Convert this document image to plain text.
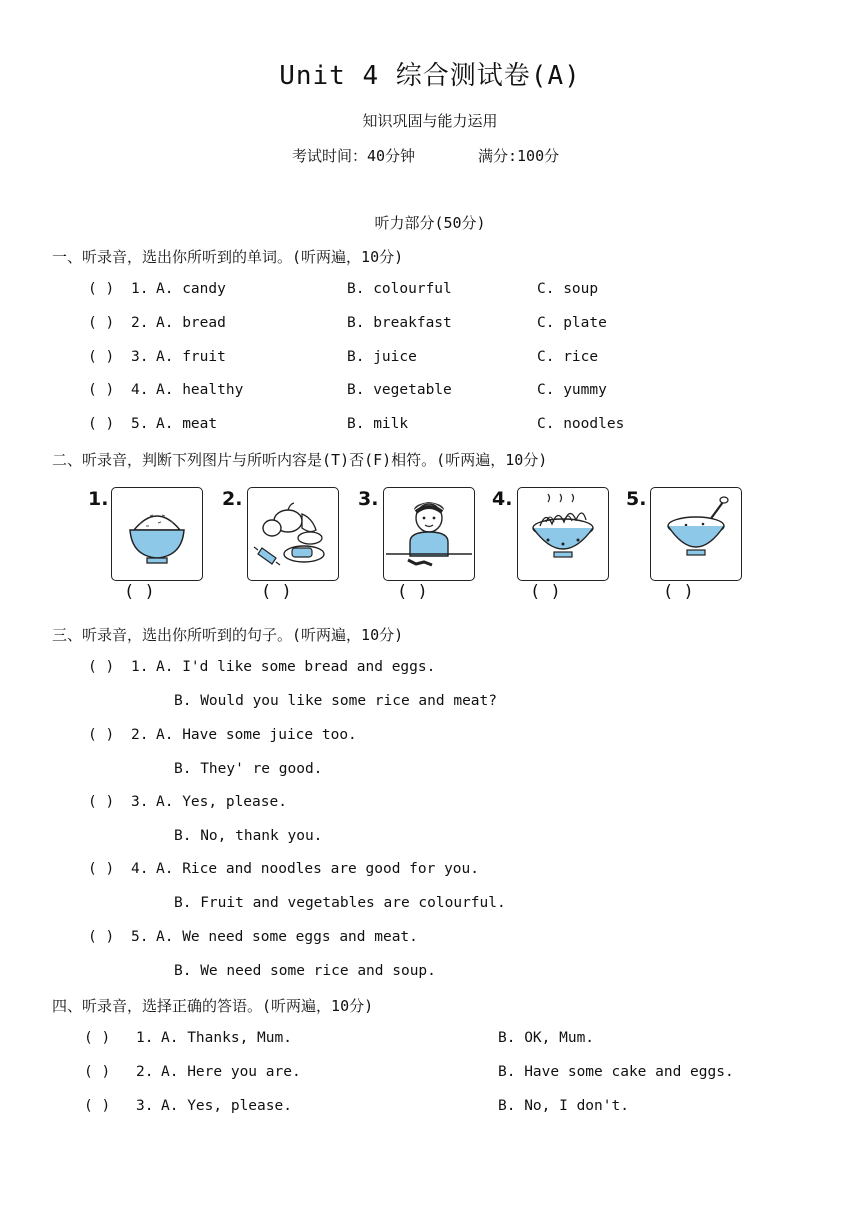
Unit 4 综合测试卷(A)
知识巩固与能力运用
考试时间：40分钟	满分:100分
听力部分(50分)
一、听录音，选出你所听到的单词。(听两遍，10分)
( ) 1. A. candy	B. colourful	C. soup
( ) 2. A. bread	B. breakfast	C. plate
( ) 3. A. fruit	B. juice	C. rice
( ) 4. A. healthy	B. vegetable	C. yummy
( ) 5. A. meat	B. milk	C. noodles
二、听录音，判断下列图片与所听内容是(T)否(F)相符。(听两遍，10分)
1.
( )
2.
( )
3.
( )
4.
( )
5.
( )
三、听录音，选出你所听到的句子。(听两遍，10分)
( ) 1. A. I'd like some bread and eggs.
B. Would you like some rice and meat?
( ) 2. A. Have some juice too.
B. They' re good.
( ) 3. A. Yes, please.
B. No, thank you.
( ) 4. A. Rice and noodles are good for you.
B. Fruit and vegetables are colourful.
( ) 5. A. We need some eggs and meat.
B. We need some rice and soup.
四、听录音，选择正确的答语。(听两遍，10分)
( ) 1. A. Thanks, Mum.	B. OK, Mum.
( ) 2. A. Here you are.	B. Have some cake and eggs.
( ) 3. A. Yes, please.	B. No, I don't.
